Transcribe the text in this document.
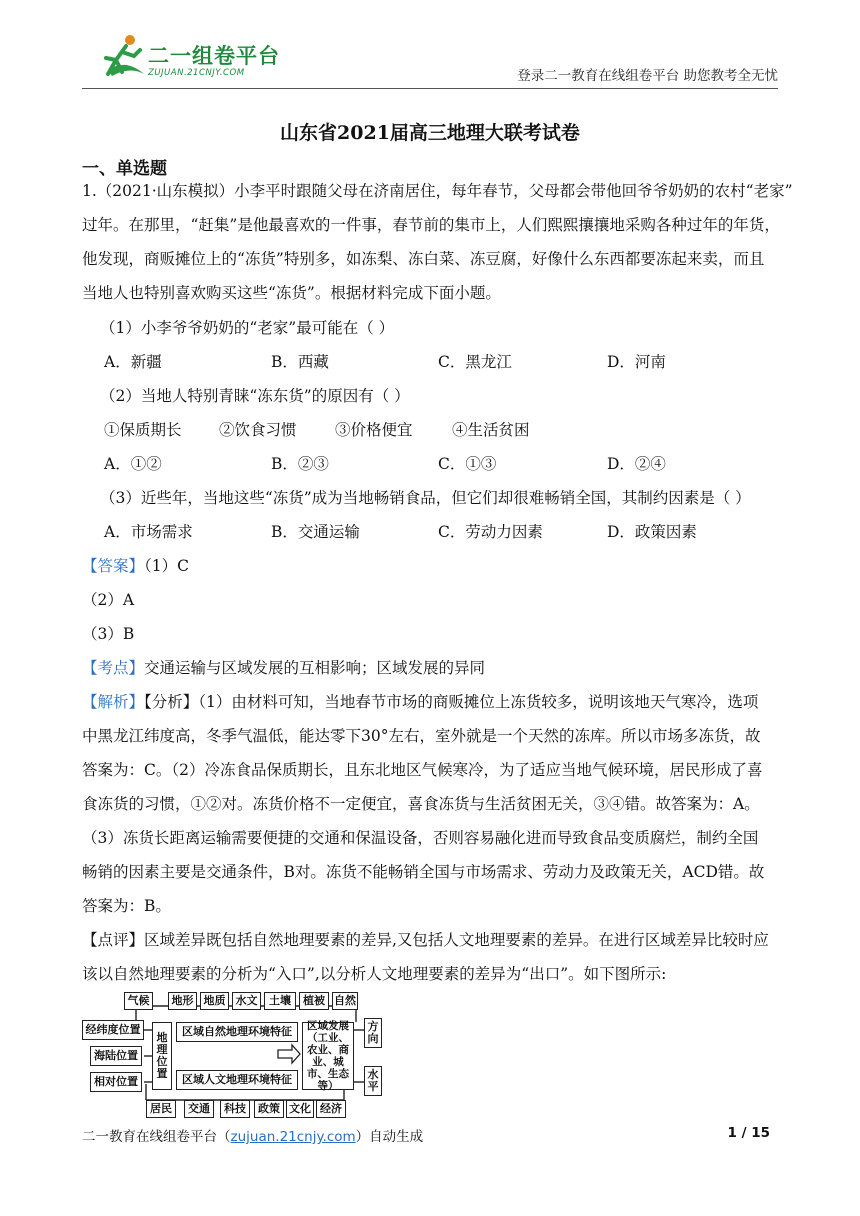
二一组卷平台
ZUJUAN.21CNJY.COM	登录二一教育在线组卷平台 助您教考全无忧
山东省2021届高三地理大联考试卷
一、单选题
1.（2021·山东模拟）小李平时跟随父母在济南居住，每年春节，父母都会带他回爷爷奶奶的农村“老家”
过年。在那里，“赶集”是他最喜欢的一件事，春节前的集市上，人们熙熙攘攘地采购各种过年的年货，
他发现，商贩摊位上的“冻货”特别多，如冻梨、冻白菜、冻豆腐，好像什么东西都要冻起来卖，而且
当地人也特别喜欢购买这些“冻货”。根据材料完成下面小题。
（1）小李爷爷奶奶的“老家”最可能在（ ）
A．新疆	B．西藏	C．黑龙江	D．河南
（2）当地人特别青睐“冻东货”的原因有（ ）
①保质期长 ②饮食习惯 ③价格便宜	④生活贫困
A．①②	B．②③	C．①③	D．②④
（3）近些年，当地这些“冻货”成为当地畅销食品，但它们却很难畅销全国，其制约因素是（ ）
A．市场需求	B．交通运输	C．劳动力因素	D．政策因素
【答案】（1）C
（2）A
（3）B
【考点】交通运输与区域发展的互相影响；区域发展的异同
【解析】【分析】（1）由材料可知，当地春节市场的商贩摊位上冻货较多，说明该地天气寒冷，选项
中黑龙江纬度高，冬季气温低，能达零下30°左右，室外就是一个天然的冻库。所以市场多冻货，故
答案为：C。（2）冷冻食品保质期长，且东北地区气候寒冷，为了适应当地气候环境，居民形成了喜
食冻货的习惯，①②对。冻货价格不一定便宜，喜食冻货与生活贫困无关，③④错。故答案为：A。
（3）冻货长距离运输需要便捷的交通和保温设备，否则容易融化进而导致食品变质腐烂，制约全国
畅销的因素主要是交通条件，B对。冻货不能畅销全国与市场需求、劳动力及政策无关，ACD错。故
答案为：B。
【点评】区域差异既包括自然地理要素的差异,又包括人文地理要素的差异。在进行区域差异比较时应
该以自然地理要素的分析为“入口”,以分析人文地理要素的差异为“出口”。如下图所示:
气候	地形 地质 水文	土壤	植被 自然
经纬度位置
海陆位置
相对位置
地理位置
区域自然地理环境特征
区域人文地理环境特征
区域发展（工业、农业、商业、城市、生态等）
方向
水平
居民	交通	科技	政策 文化 经济
二一教育在线组卷平台（zujuan.21cnjy.com）自动生成	1 / 15
